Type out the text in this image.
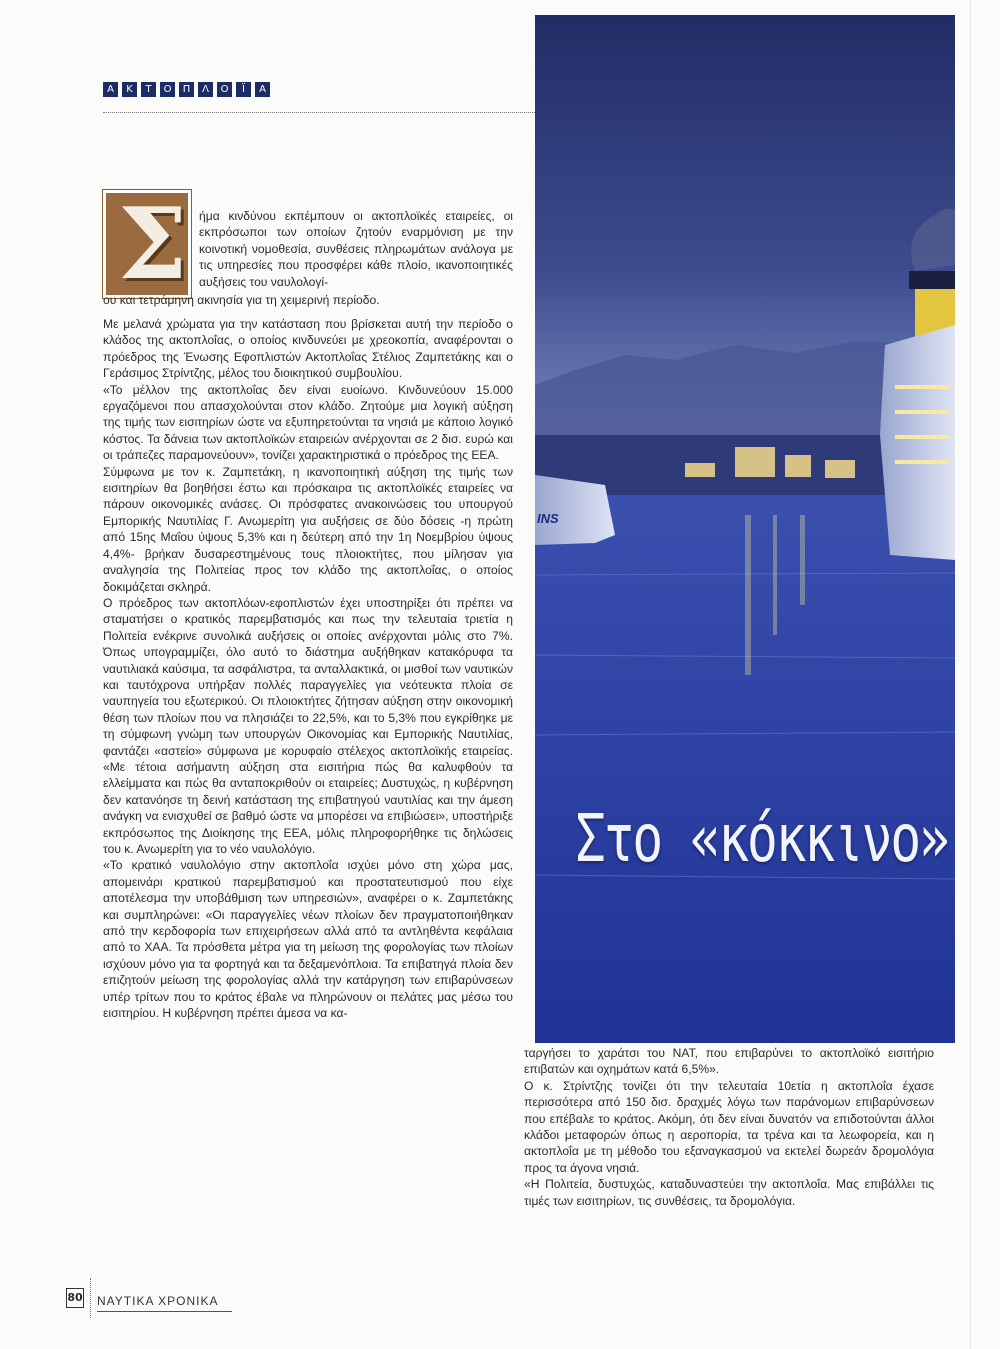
Α	Κ	Τ	Ο	Π	Λ	Ο	Ϊ	Α
INS
Στο «κόκκινο»
Σ ήμα κινδύνου εκπέμπουν οι ακτοπλοϊκές εταιρείες, οι εκπρόσωποι των οποίων ζητούν εναρμόνιση με την κοινοτική νομοθεσία, συνθέσεις πληρωμάτων ανάλογα με τις υπηρεσίες που προσφέρει κάθε πλοίο, ικανοποιητικές αυξήσεις του ναυλολογί-
ου και τετράμηνη ακινησία για τη χειμερινή περίοδο.

Με μελανά χρώματα για την κατάσταση που βρίσκεται αυτή την περίοδο ο κλάδος της ακτοπλοΐας, ο οποίος κινδυνεύει με χρεοκοπία, αναφέρονται ο πρόεδρος της Ένωσης Εφοπλιστών Ακτοπλοΐας Στέλιος Ζαμπετάκης και ο Γεράσιμος Στρίντζης, μέλος του διοικητικού συμβουλίου.

«Το μέλλον της ακτοπλοΐας δεν είναι ευοίωνο. Κινδυνεύουν 15.000 εργαζόμενοι που απασχολούνται στον κλάδο. Ζητούμε μια λογική αύξηση της τιμής των εισιτηρίων ώστε να εξυπηρετούνται τα νησιά με κάποιο λογικό κόστος. Τα δάνεια των ακτοπλοϊκών εταιρειών ανέρχονται σε 2 δισ. ευρώ και οι τράπεζες παραμονεύουν», τονίζει χαρακτηριστικά ο πρόεδρος της ΕΕΑ.

Σύμφωνα με τον κ. Ζαμπετάκη, η ικανοποιητική αύξηση της τιμής των εισιτηρίων θα βοηθήσει έστω και πρόσκαιρα τις ακτοπλοϊκές εταιρείες να πάρουν οικονομικές ανάσες. Οι πρόσφατες ανακοινώσεις του υπουργού Εμπορικής Ναυτιλίας Γ. Ανωμερίτη για αυξήσεις σε δύο δόσεις -η πρώτη από 15ης Μαΐου ύψους 5,3% και η δεύτερη από την 1η Νοεμβρίου ύψους 4,4%- βρήκαν δυσαρεστημένους τους πλοιοκτήτες, που μίλησαν για αναλγησία της Πολιτείας προς τον κλάδο της ακτοπλοΐας, ο οποίος δοκιμάζεται σκληρά.

Ο πρόεδρος των ακτοπλόων-εφοπλιστών έχει υποστηρίξει ότι πρέπει να σταματήσει ο κρατικός παρεμβατισμός και πως την τελευταία τριετία η Πολιτεία ενέκρινε συνολικά αυξήσεις οι οποίες ανέρχονται μόλις στο 7%. Όπως υπογραμμίζει, όλο αυτό το διάστημα αυξήθηκαν κατακόρυφα τα ναυτιλιακά καύσιμα, τα ασφάλιστρα, τα ανταλλακτικά, οι μισθοί των ναυτικών και ταυτόχρονα υπήρξαν πολλές παραγγελίες για νεότευκτα πλοία σε ναυπηγεία του εξωτερικού. Οι πλοιοκτήτες ζήτησαν αύξηση στην οικονομική θέση των πλοίων που να πλησιάζει το 22,5%, και το 5,3% που εγκρίθηκε με τη σύμφωνη γνώμη των υπουργών Οικονομίας και Εμπορικής Ναυτιλίας, φαντάζει «αστείο» σύμφωνα με κορυφαίο στέλεχος ακτοπλοϊκής εταιρείας. «Με τέτοια ασήμαντη αύξηση στα εισιτήρια πώς θα καλυφθούν τα ελλείμματα και πώς θα ανταποκριθούν οι εταιρείες; Δυστυχώς, η κυβέρνηση δεν κατανόησε τη δεινή κατάσταση της επιβατηγού ναυτιλίας και την άμεση ανάγκη να ενισχυθεί σε βαθμό ώστε να μπορέσει να επιβιώσει», υποστήριξε εκπρόσωπος της Διοίκησης της ΕΕΑ, μόλις πληροφορήθηκε τις δηλώσεις του κ. Ανωμερίτη για το νέο ναυλολόγιο.

«Το κρατικό ναυλολόγιο στην ακτοπλοΐα ισχύει μόνο στη χώρα μας, απομεινάρι κρατικού παρεμβατισμού και προστατευτισμού που είχε αποτέλεσμα την υποβάθμιση των υπηρεσιών», αναφέρει ο κ. Ζαμπετάκης και συμπληρώνει: «Οι παραγγελίες νέων πλοίων δεν πραγματοποιήθηκαν από την κερδοφορία των επιχειρήσεων αλλά από τα αντληθέντα κεφάλαια από το ΧΑΑ. Τα πρόσθετα μέτρα για τη μείωση της φορολογίας των πλοίων ισχύουν μόνο για τα φορτηγά και τα δεξαμενόπλοια. Τα επιβατηγά πλοία δεν επιζητούν μείωση της φορολογίας αλλά την κατάργηση των επιβαρύνσεων υπέρ τρίτων που το κράτος έβαλε να πληρώνουν οι πελάτες μας μέσω του εισιτηρίου. Η κυβέρνηση πρέπει άμεσα να κα-

ταργήσει το χαράτσι του ΝΑΤ, που επιβαρύνει το ακτοπλοϊκό εισιτήριο επιβατών και οχημάτων κατά 6,5%».

Ο κ. Στρίντζης τονίζει ότι την τελευταία 10ετία η ακτοπλοΐα έχασε περισσότερα από 150 δισ. δραχμές λόγω των παράνομων επιβαρύνσεων που επέβαλε το κράτος. Ακόμη, ότι δεν είναι δυνατόν να επιδοτούνται άλλοι κλάδοι μεταφορών όπως η αεροπορία, τα τρένα και τα λεωφορεία, και η ακτοπλοΐα με τη μέθοδο του εξαναγκασμού να εκτελεί δωρεάν δρομολόγια προς τα άγονα νησιά.

«Η Πολιτεία, δυστυχώς, καταδυναστεύει την ακτοπλοΐα. Μας επιβάλλει τις τιμές των εισιτηρίων, τις συνθέσεις, τα δρομολόγια.

80 ΝΑΥΤΙΚΑ ΧΡΟΝΙΚΑ
